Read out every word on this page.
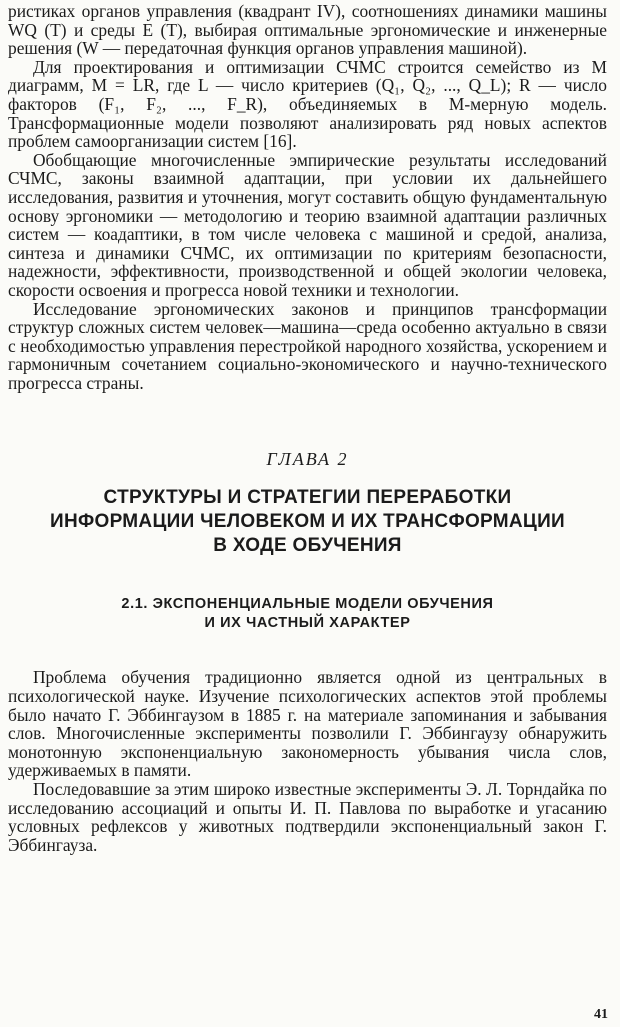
ристиках органов управления (квадрант IV), соотношениях динамики машины WQ (T) и среды E (T), выбирая оптимальные эргономические и инженерные решения (W — передаточная функция органов управления машиной).

Для проектирования и оптимизации СЧМС строится семейство из M диаграмм, M = LR, где L — число критериев (Q₁, Q₂, ..., Q_L); R — число факторов (F₁, F₂, ..., F_R), объединяемых в M-мерную модель. Трансформационные модели позволяют анализировать ряд новых аспектов проблем самоорганизации систем [16].

Обобщающие многочисленные эмпирические результаты исследований СЧМС, законы взаимной адаптации, при условии их дальнейшего исследования, развития и уточнения, могут составить общую фундаментальную основу эргономики — методологию и теорию взаимной адаптации различных систем — коадаптики, в том числе человека с машиной и средой, анализа, синтеза и динамики СЧМС, их оптимизации по критериям безопасности, надежности, эффективности, производственной и общей экологии человека, скорости освоения и прогресса новой техники и технологии.

Исследование эргономических законов и принципов трансформации структур сложных систем человек—машина—среда особенно актуально в связи с необходимостью управления перестройкой народного хозяйства, ускорением и гармоничным сочетанием социально-экономического и научно-технического прогресса страны.

ГЛАВА 2
СТРУКТУРЫ И СТРАТЕГИИ ПЕРЕРАБОТКИ
ИНФОРМАЦИИ ЧЕЛОВЕКОМ И ИХ ТРАНСФОРМАЦИИ
В ХОДЕ ОБУЧЕНИЯ
2.1. ЭКСПОНЕНЦИАЛЬНЫЕ МОДЕЛИ ОБУЧЕНИЯ
И ИХ ЧАСТНЫЙ ХАРАКТЕР

Проблема обучения традиционно является одной из центральных в психологической науке. Изучение психологических аспектов этой проблемы было начато Г. Эббингаузом в 1885 г. на материале запоминания и забывания слов. Многочисленные эксперименты позволили Г. Эббингаузу обнаружить монотонную экспоненциальную закономерность убывания числа слов, удерживаемых в памяти.

Последовавшие за этим широко известные эксперименты Э. Л. Торндайка по исследованию ассоциаций и опыты И. П. Павлова по выработке и угасанию условных рефлексов у животных подтвердили экспоненциальный закон Г. Эббингауза.

41
